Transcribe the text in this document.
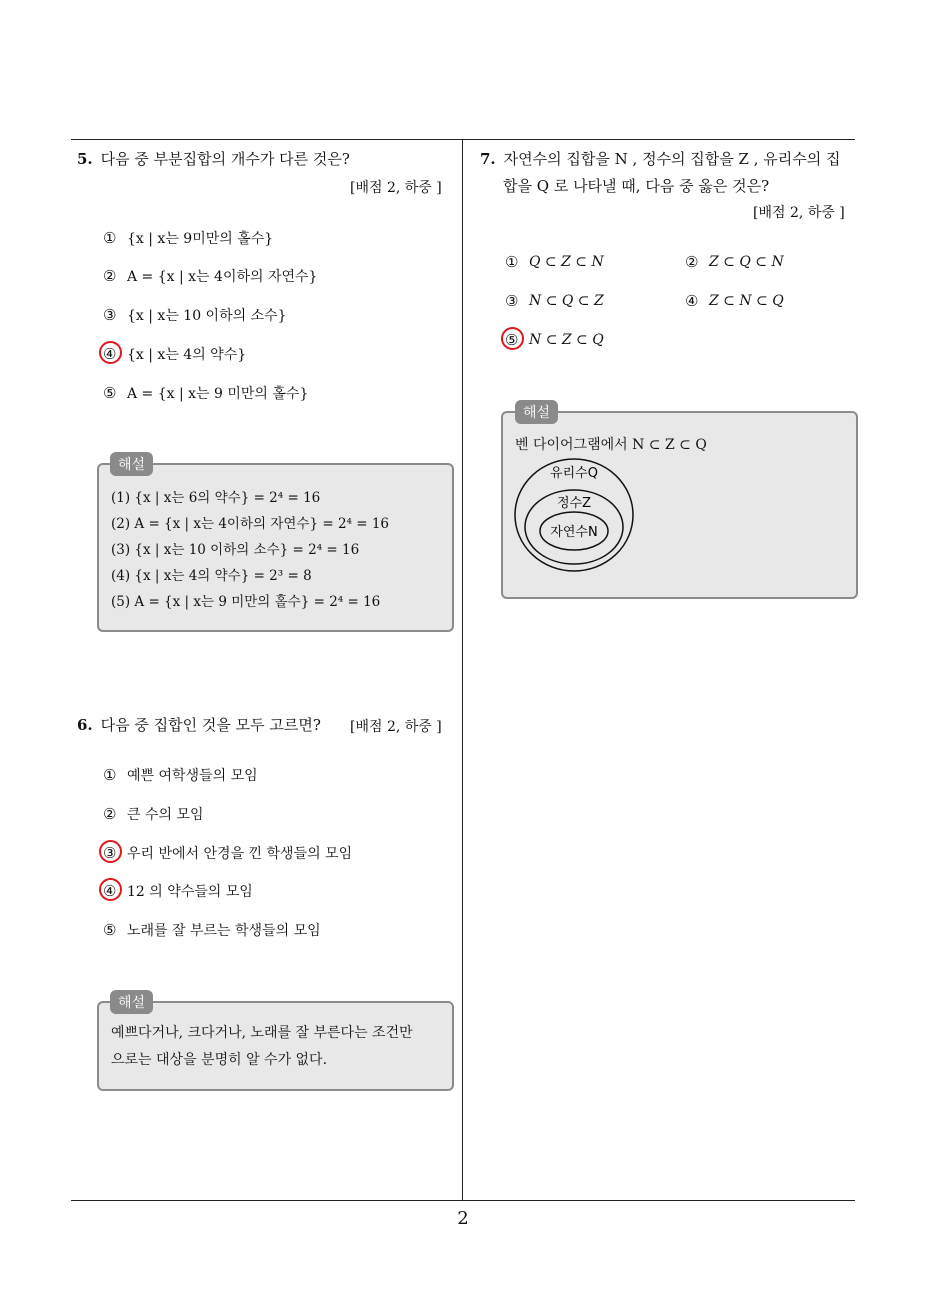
2
5. 다음 중 부분집합의 개수가 다른 것은?
[배점 2, 하중 ]
① {x | x는 9미만의 홀수}
② A = {x | x는 4이하의 자연수}
③ {x | x는 10 이하의 소수}
④ {x | x는 4의 약수}
⑤ A = {x | x는 9 미만의 홀수}
해설
(1) {x | x는 6의 약수} = 2⁴ = 16
(2) A = {x | x는 4이하의 자연수} = 2⁴ = 16
(3) {x | x는 10 이하의 소수} = 2⁴ = 16
(4) {x | x는 4의 약수} = 2³ = 8
(5) A = {x | x는 9 미만의 홀수} = 2⁴ = 16
6. 다음 중 집합인 것을 모두 고르면? [배점 2, 하중 ]
① 예쁜 여학생들의 모임
② 큰 수의 모임
③ 우리 반에서 안경을 낀 학생들의 모임
④ 12 의 약수들의 모임
⑤ 노래를 잘 부르는 학생들의 모임
해설
예쁘다거나, 크다거나, 노래를 잘 부른다는 조건만
으로는 대상을 분명히 알 수가 없다.
7. 자연수의 집합을 N , 정수의 집합을 Z , 유리수의 집
합을 Q 로 나타낼 때, 다음 중 옳은 것은?
[배점 2, 하중 ]
① Q ⊂ Z ⊂ N	② Z ⊂ Q ⊂ N
③ N ⊂ Q ⊂ Z	④ Z ⊂ N ⊂ Q
⑤ N ⊂ Z ⊂ Q
해설
벤 다이어그램에서 N ⊂ Z ⊂ Q
유리수Q
정수Z
자연수N
